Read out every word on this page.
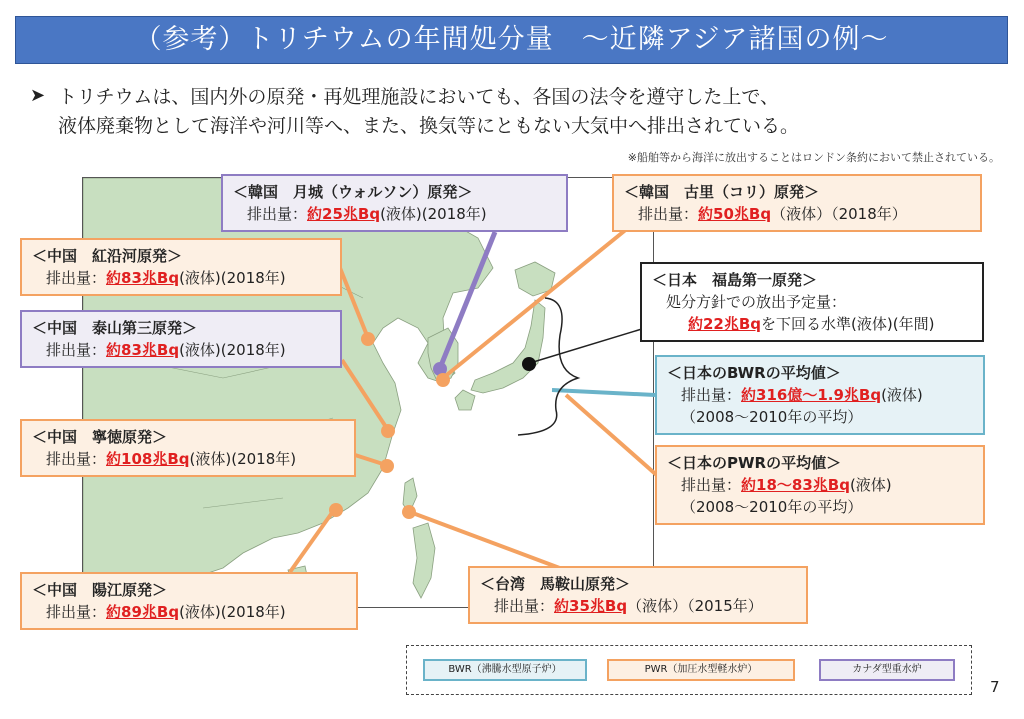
（参考）トリチウムの年間処分量　～近隣アジア諸国の例～
➤ トリチウムは、国内外の原発・再処理施設においても、各国の法令を遵守した上で、
液体廃棄物として海洋や河川等へ、また、換気等にともない大気中へ排出されている。
※船舶等から海洋に放出することはロンドン条約において禁止されている。
＜韓国　月城（ウォルソン）原発＞
排出量：約25兆Bq(液体)(2018年)
＜韓国　古里（コリ）原発＞
排出量：約50兆Bq（液体）（2018年）
＜中国　紅沿河原発＞
排出量：約83兆Bq(液体)(2018年)
＜中国　泰山第三原発＞
排出量：約83兆Bq(液体)(2018年)
＜中国　寧徳原発＞
排出量：約108兆Bq(液体)(2018年)
＜中国　陽江原発＞
排出量：約89兆Bq(液体)(2018年)
＜台湾　馬鞍山原発＞
排出量：約35兆Bq（液体）（2015年）
＜日本　福島第一原発＞
処分方針での放出予定量：
約22兆Bqを下回る水準(液体)(年間)
＜日本のBWRの平均値＞
排出量：約316億～1.9兆Bq(液体)
（2008～2010年の平均）
＜日本のPWRの平均値＞
排出量：約18～83兆Bq(液体)
（2008～2010年の平均）
BWR（沸騰水型原子炉）	PWR（加圧水型軽水炉）	カナダ型重水炉
7
